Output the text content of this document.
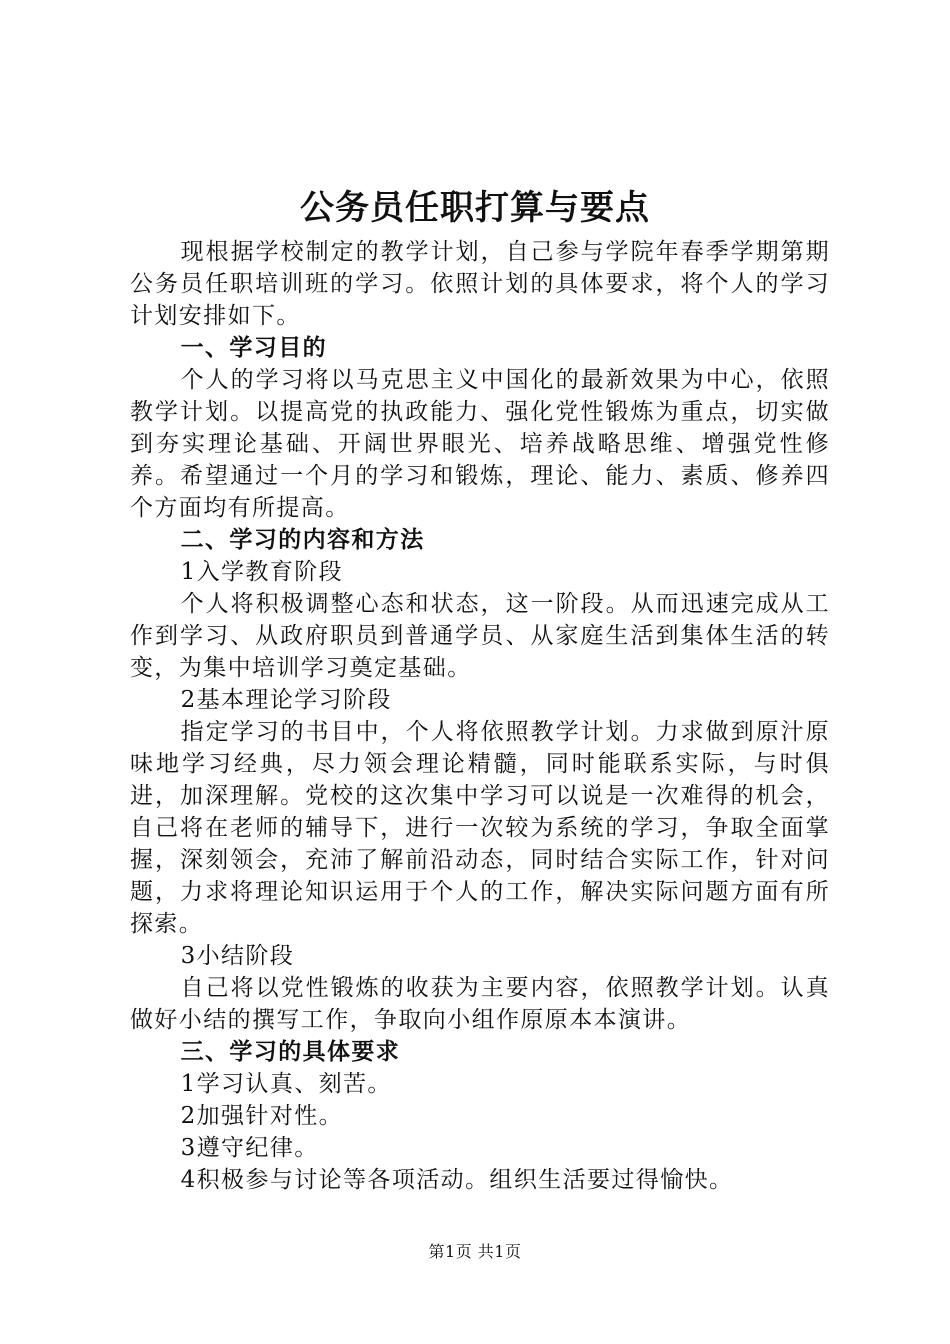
公务员任职打算与要点

现根据学校制定的教学计划，自己参与学院年春季学期第期公务员任职培训班的学习。依照计划的具体要求，将个人的学习计划安排如下。

一、学习目的

个人的学习将以马克思主义中国化的最新效果为中心，依照教学计划。以提高党的执政能力、强化党性锻炼为重点，切实做到夯实理论基础、开阔世界眼光、培养战略思维、增强党性修养。希望通过一个月的学习和锻炼，理论、能力、素质、修养四个方面均有所提高。

二、学习的内容和方法

1入学教育阶段

个人将积极调整心态和状态，这一阶段。从而迅速完成从工作到学习、从政府职员到普通学员、从家庭生活到集体生活的转变，为集中培训学习奠定基础。

2基本理论学习阶段

指定学习的书目中，个人将依照教学计划。力求做到原汁原味地学习经典，尽力领会理论精髓，同时能联系实际，与时俱进，加深理解。党校的这次集中学习可以说是一次难得的机会，自己将在老师的辅导下，进行一次较为系统的学习，争取全面掌握，深刻领会，充沛了解前沿动态，同时结合实际工作，针对问题，力求将理论知识运用于个人的工作，解决实际问题方面有所探索。

3小结阶段

自己将以党性锻炼的收获为主要内容，依照教学计划。认真做好小结的撰写工作，争取向小组作原原本本演讲。

三、学习的具体要求

1学习认真、刻苦。

2加强针对性。

3遵守纪律。

4积极参与讨论等各项活动。组织生活要过得愉快。

第1页 共1页
